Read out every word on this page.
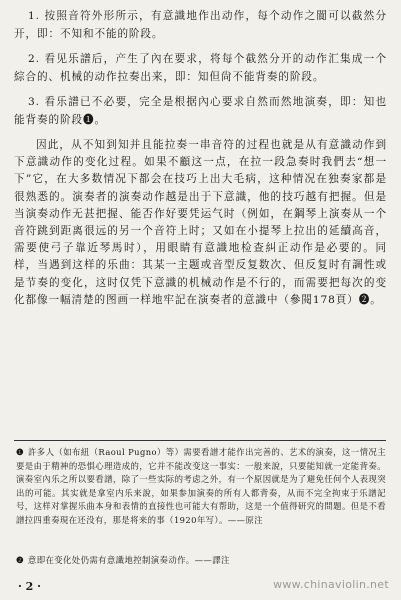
1. 按照音符外形所示，有意識地作出动作，每个动作之閬可以截然分开，即：不知和不能的阶段。
2. 看见乐譜后，产生了內在要求，将每个截然分开的动作汇集成一个綜合的、机械的动作拉奏出来，即：知但尙不能背奏的阶段。
3. 看乐譜已不必要，完全是根据內心要求自然而然地演奏，即：知也能背奏的阶段❶。
因此，从不知到知并且能拉奏一串音符的过程也就是从有意識动作到下意識动作的变化过程。如果不顧这一点，在拉一段急奏时我們去“想一下”它，在大多数情况下都会在技巧上出大毛病，这种情况在独奏家都是很熟悉的。演奏者的演奏动作越是出于下意識，他的技巧越有把握。但是当演奏动作无甚把握、能否作好要凭运气时（例如，在鋼琴上演奏从一个音符跳到距离很远的另一个音符上时；又如在小提琴上拉出的延續高音，需要使弓子靠近琴馬时），用眼睛有意識地检查糾正动作是必要的。同样，当遇到这样的乐曲：其某一主题或音型反复数次、但反复时有調性或是节奏的变化，这时仅凭下意識的机械动作是不行的，而需要把每次的变化都像一幅清楚的图画一样地牢記在演奏者的意識中（參閱178頁）❷。
❶ 許多人（如布紐（Raoul Pugno）等）需要看譜才能作出完善的、艺术的演奏，这一情况主要是由于精神的恐惧心理造成的，它并不能改变这一事实：一般来說，只要能知就一定能背奏。演奏室內乐之所以要看譜，除了一些实际的考虑之外，有一个原因就是为了避免任何个人表现突出的可能。其实就是拿室内乐来說，如果参加演奏的所有人都背奏，从而不完全拘束于乐譜記号，这样对掌握乐曲本身和表情的直接性也可能大有帮助，这是一个值得研究的問題。但是不看譜拉四重奏現在还没有，那是将来的事（1920年写）。——原注
❷ 意即在变化处仍需有意識地控制演奏动作。——譯注
· 2 ·	www.chinaviolin.net
